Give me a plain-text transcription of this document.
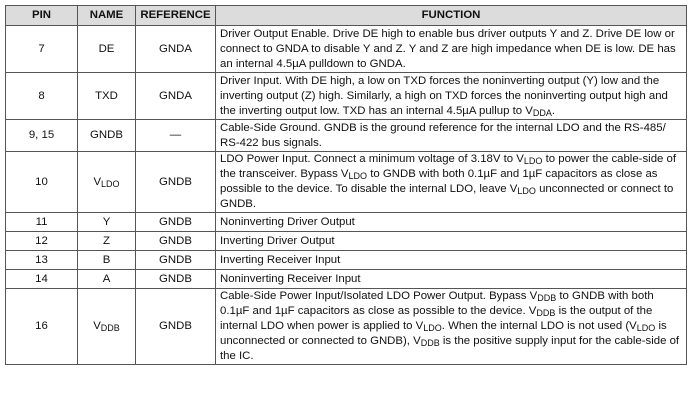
PIN	NAME	REFERENCE	FUNCTION
7	DE	GNDA	Driver Output Enable. Drive DE high to enable bus driver outputs Y and Z. Drive DE low or connect to GNDA to disable Y and Z. Y and Z are high impedance when DE is low. DE has an internal 4.5µA pulldown to GNDA.
8	TXD	GNDA	Driver Input. With DE high, a low on TXD forces the noninverting output (Y) low and the inverting output (Z) high. Similarly, a high on TXD forces the noninverting output high and the inverting output low. TXD has an internal 4.5µA pullup to $V_{DDA}$.
9, 15	GNDB	—	Cable-Side Ground. GNDB is the ground reference for the internal LDO and the RS-485/ RS-422 bus signals.
10	$V_{LDO}$	GNDB	LDO Power Input. Connect a minimum voltage of 3.18V to $V_{LDO}$ to power the cable-side of the transceiver. Bypass $V_{LDO}$ to GNDB with both 0.1µF and 1µF capacitors as close as possible to the device. To disable the internal LDO, leave $V_{LDO}$ unconnected or connect to GNDB.
11	Y	GNDB	Noninverting Driver Output
12	Z	GNDB	Inverting Driver Output
13	B	GNDB	Inverting Receiver Input
14	A	GNDB	Noninverting Receiver Input
16	$V_{DDB}$	GNDB	Cable-Side Power Input/Isolated LDO Power Output. Bypass $V_{DDB}$ to GNDB with both 0.1µF and 1µF capacitors as close as possible to the device. $V_{DDB}$ is the output of the internal LDO when power is applied to $V_{LDO}$. When the internal LDO is not used ($V_{LDO}$ is unconnected or connected to GNDB), $V_{DDB}$ is the positive supply input for the cable-side of the IC.
